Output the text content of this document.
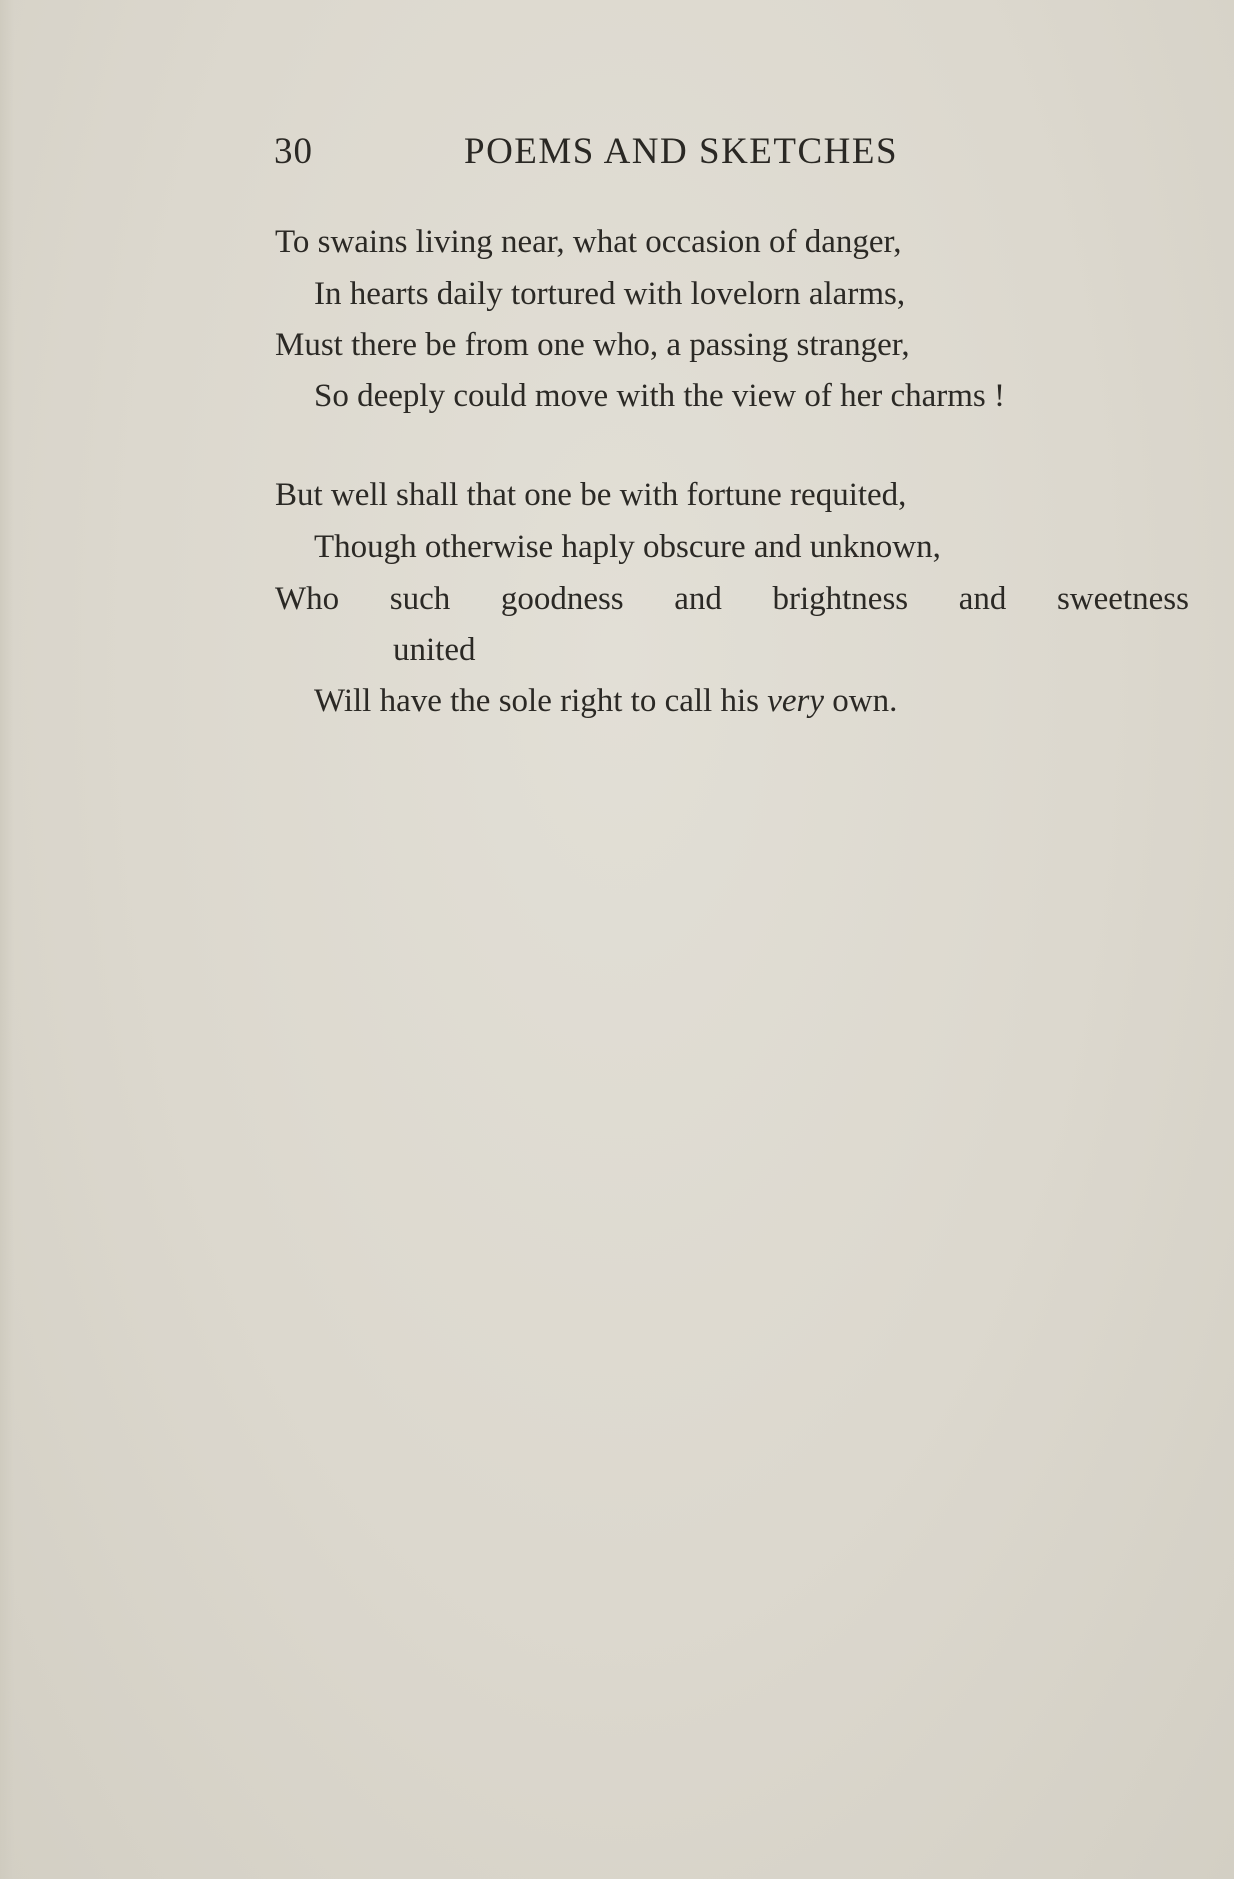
30	POEMS AND SKETCHES
To swains living near, what occasion of danger,
In hearts daily tortured with lovelorn alarms,
Must there be from one who, a passing stranger,
So deeply could move with the view of her charms !
But well shall that one be with fortune requited,
Though otherwise haply obscure and unknown,
Who such goodness and brightness and sweetness
united
Will have the sole right to call his very own.
